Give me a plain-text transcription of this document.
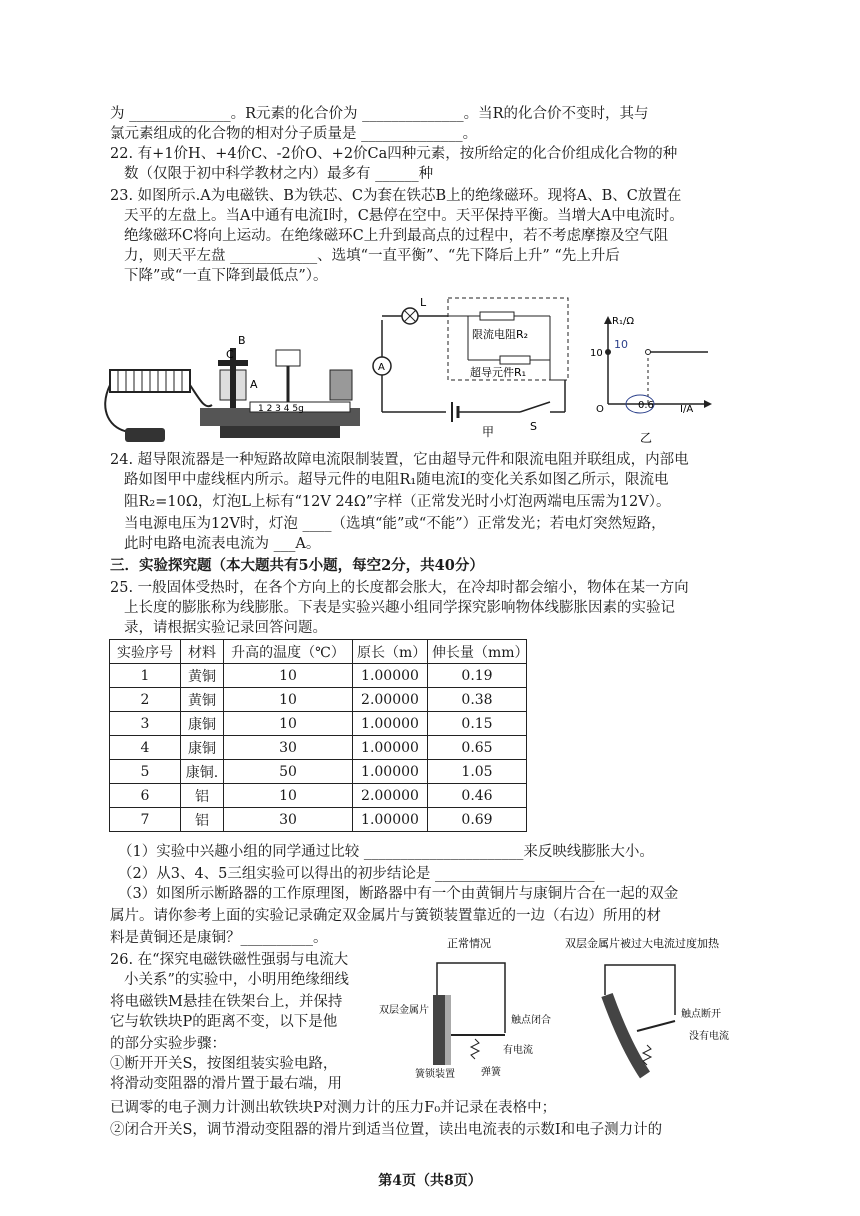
为 ______________。R元素的化合价为 ______________。当R的化合价不变时，其与
氯元素组成的化合物的相对分子质量是 ______________。
22. 有+1价H、+4价C、-2价O、+2价Ca四种元素，按所给定的化合价组成化合物的种
数（仅限于初中科学教材之内）最多有 ______种
23. 如图所示.A为电磁铁、B为铁芯、C为套在铁芯B上的绝缘磁环。现将A、B、C放置在
天平的左盘上。当A中通有电流I时，C悬停在空中。天平保持平衡。当增大A中电流时。
绝缘磁环C将向上运动。在绝缘磁环C上升到最高点的过程中，若不考虑摩擦及空气阻
力，则天平左盘 ____________、选填“一直平衡”、“先下降后上升” “先上升后
下降”或“一直下降到最低点”）。
B
C
A
1 2 3 4 5g
S
L
A
限流电阻R₂
超导元件R₁
甲
R₁/Ω
10
10
O	0.6	I/A
乙
24. 超导限流器是一种短路故障电流限制装置，它由超导元件和限流电阻并联组成，内部电
路如图甲中虚线框内所示。超导元件的电阻R₁随电流I的变化关系如图乙所示，限流电
阻R₂=10Ω，灯泡L上标有“12V 24Ω”字样（正常发光时小灯泡两端电压需为12V）。
当电源电压为12V时，灯泡 ____（选填“能”或“不能”）正常发光；若电灯突然短路，
此时电路电流表电流为 ___A。
三．实验探究题（本大题共有5小题，每空2分，共40分）
25. 一般固体受热时，在各个方向上的长度都会胀大，在冷却时都会缩小，物体在某一方向
上长度的膨胀称为线膨胀。下表是实验兴趣小组同学探究影响物体线膨胀因素的实验记
录，请根据实验记录回答问题。
实验序号	材料	升高的温度（℃）	原长（m）	伸长量（mm）
1	黄铜	10	1.00000	0.19
2	黄铜	10	2.00000	0.38
3	康铜	10	1.00000	0.15
4	康铜	30	1.00000	0.65
5	康铜.	50	1.00000	1.05
6	铝	10	2.00000	0.46
7	铝	30	1.00000	0.69
（1）实验中兴趣小组的同学通过比较 ______________________来反映线膨胀大小。
（2）从3、4、5三组实验可以得出的初步结论是 ______________________
（3）如图所示断路器的工作原理图，断路器中有一个由黄铜片与康铜片合在一起的双金
属片。请你参考上面的实验记录确定双金属片与簧锁装置靠近的一边（右边）所用的材
料是黄铜还是康铜？__________。
26. 在“探究电磁铁磁性强弱与电流大
小关系”的实验中，小明用绝缘细线
将电磁铁M悬挂在铁架台上，并保持
它与软铁块P的距离不变，以下是他
的部分实验步骤：
①断开开关S，按图组装实验电路，
将滑动变阻器的滑片置于最右端，用
正常情况	双层金属片被过大电流过度加热
双层金属片
触点闭合
有电流
簧锁装置	弹簧
触点断开
没有电流
已调零的电子测力计测出软铁块P对测力计的压力F₀并记录在表格中；
②闭合开关S，调节滑动变阻器的滑片到适当位置，读出电流表的示数I和电子测力计的
第4页（共8页）
